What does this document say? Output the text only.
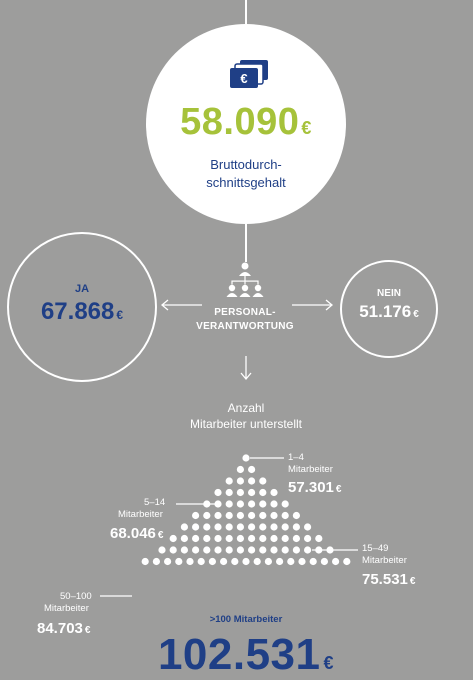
€
58.090 €
Bruttodurch-
schnittsgehalt
JA
67.868 €
NEIN
51.176 €
PERSONAL-
VERANTWORTUNG
Anzahl
Mitarbeiter unterstellt
1–4
Mitarbeiter
57.301 €
5–14
Mitarbeiter
68.046 €
15–49
Mitarbeiter
75.531 €
50–100
Mitarbeiter
84.703 €
>100 Mitarbeiter
102.531 €
